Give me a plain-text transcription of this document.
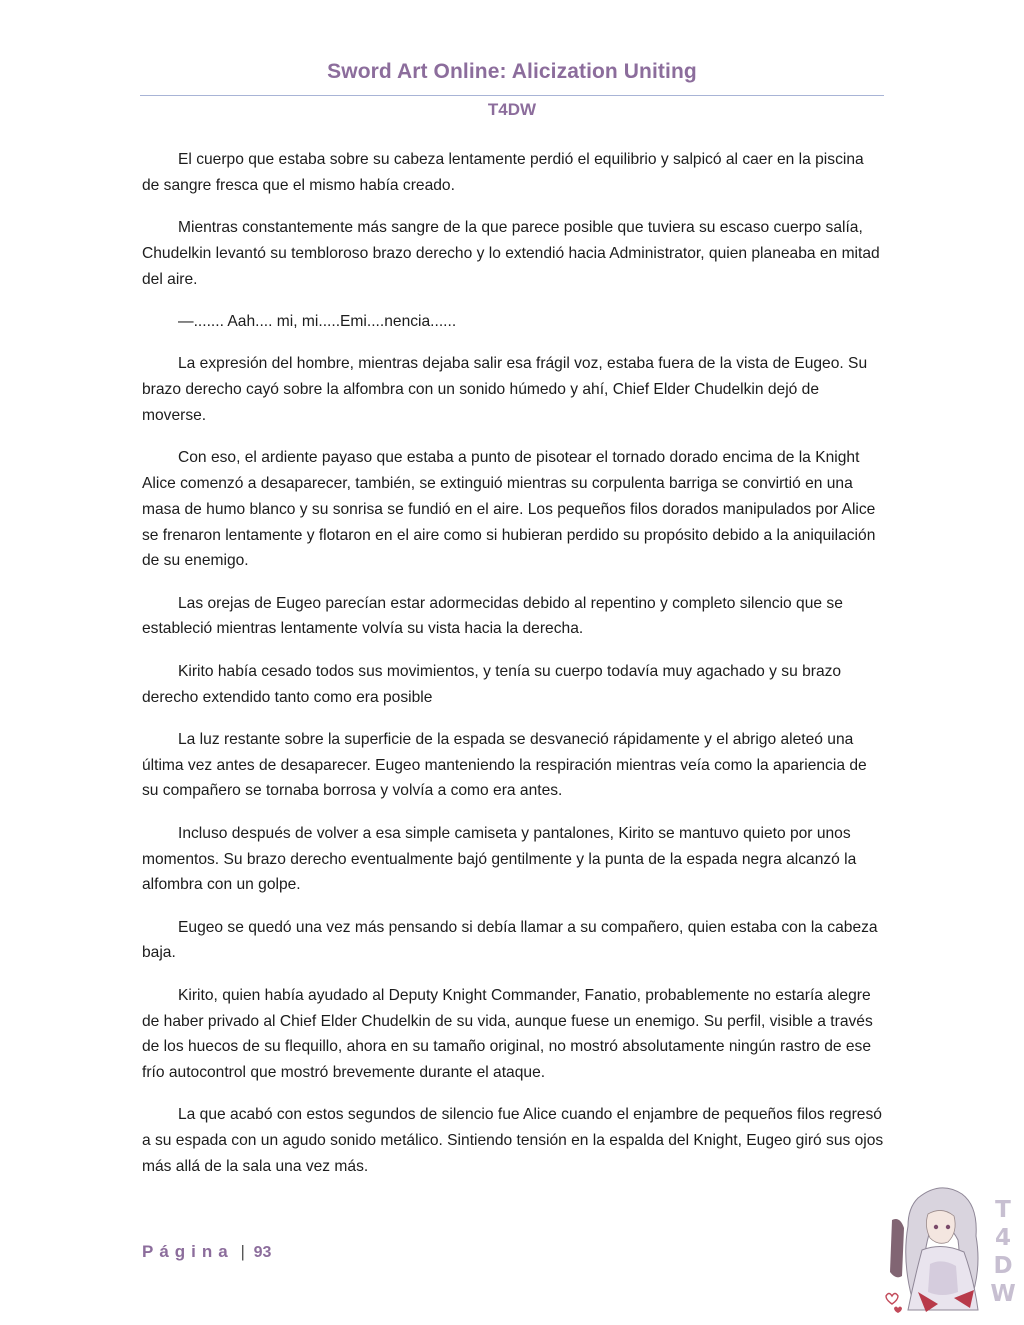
Sword Art Online: Alicization Uniting
T4DW

El cuerpo que estaba sobre su cabeza lentamente perdió el equilibrio y salpicó al caer en la piscina de sangre fresca que el mismo había creado.

Mientras constantemente más sangre de la que parece posible que tuviera su escaso cuerpo salía, Chudelkin levantó su tembloroso brazo derecho y lo extendió hacia Administrator, quien planeaba en mitad del aire.

—....... Aah.... mi, mi.....Emi....nencia......

La expresión del hombre, mientras dejaba salir esa frágil voz, estaba fuera de la vista de Eugeo. Su brazo derecho cayó sobre la alfombra con un sonido húmedo y ahí, Chief Elder Chudelkin dejó de moverse.

Con eso, el ardiente payaso que estaba a punto de pisotear el tornado dorado encima de la Knight Alice comenzó a desaparecer, también, se extinguió mientras su corpulenta barriga se convirtió en una masa de humo blanco y su sonrisa se fundió en el aire. Los pequeños filos dorados manipulados por Alice se frenaron lentamente y flotaron en el aire como si hubieran perdido su propósito debido a la aniquilación de su enemigo.

Las orejas de Eugeo parecían estar adormecidas debido al repentino y completo silencio que se estableció mientras lentamente volvía su vista hacia la derecha.

Kirito había cesado todos sus movimientos, y tenía su cuerpo todavía muy agachado y su brazo derecho extendido tanto como era posible

La luz restante sobre la superficie de la espada se desvaneció rápidamente y el abrigo aleteó una última vez antes de desaparecer. Eugeo manteniendo la respiración mientras veía como la apariencia de su compañero se tornaba borrosa y volvía a como era antes.

Incluso después de volver a esa simple camiseta y pantalones, Kirito se mantuvo quieto por unos momentos. Su brazo derecho eventualmente bajó gentilmente y la punta de la espada negra alcanzó la alfombra con un golpe.

Eugeo se quedó una vez más pensando si debía llamar a su compañero, quien estaba con la cabeza baja.

Kirito, quien había ayudado al Deputy Knight Commander, Fanatio, probablemente no estaría alegre de haber privado al Chief Elder Chudelkin de su vida, aunque fuese un enemigo. Su perfil, visible a través de los huecos de su flequillo, ahora en su tamaño original, no mostró absolutamente ningún rastro de ese frío autocontrol que mostró brevemente durante el ataque.

La que acabó con estos segundos de silencio fue Alice cuando el enjambre de pequeños filos regresó a su espada con un agudo sonido metálico. Sintiendo tensión en la espalda del Knight, Eugeo giró sus ojos más allá de la sala una vez más.

Página | 93
T
4
D
W
